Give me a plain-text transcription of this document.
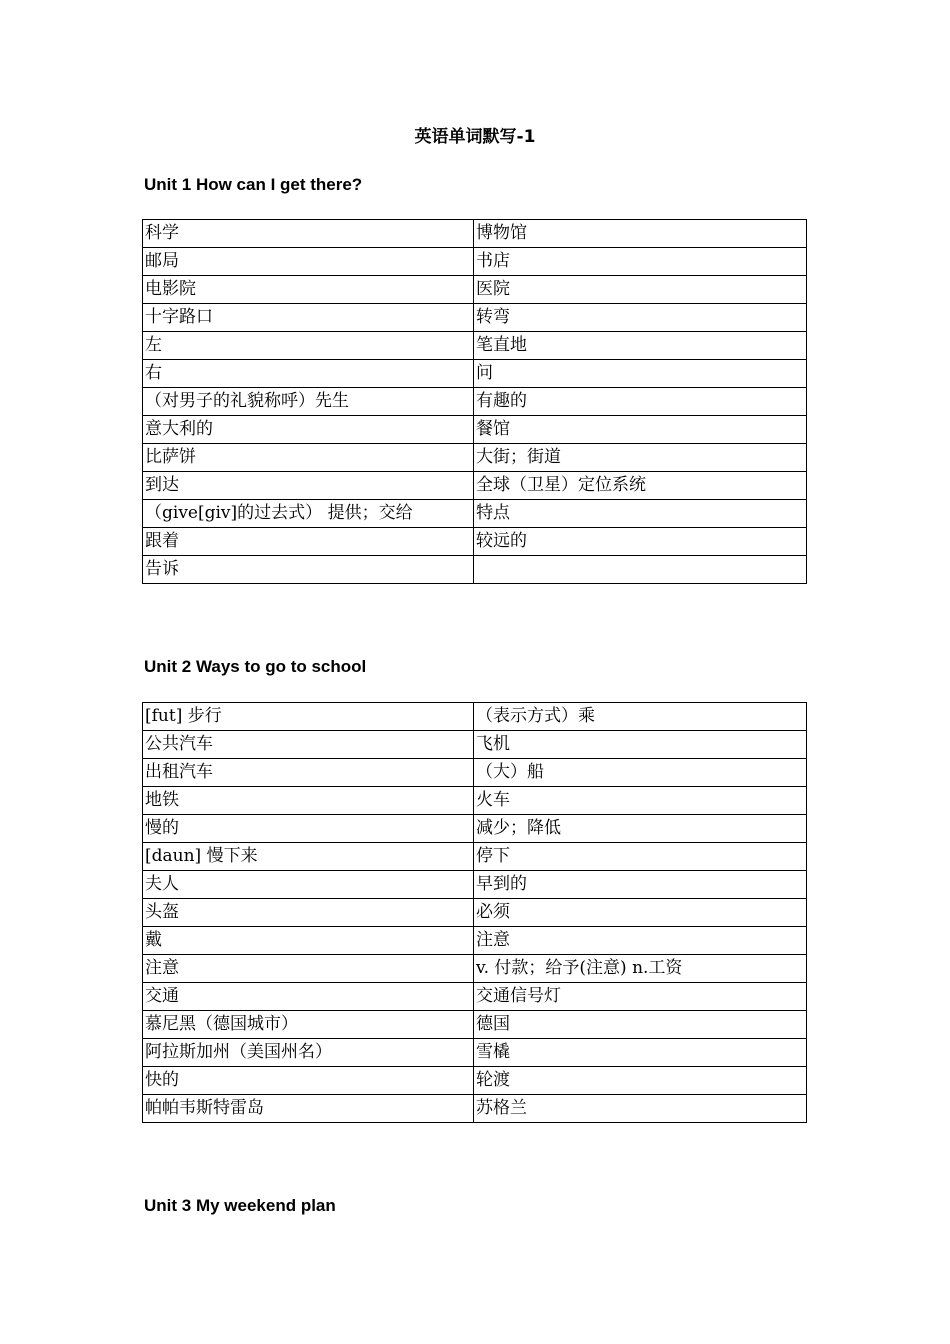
英语单词默写-1
Unit 1 How can I get there?
科学	博物馆
邮局	书店
电影院	医院
十字路口	转弯
左	笔直地
右	问
（对男子的礼貌称呼）先生	有趣的
意大利的	餐馆
比萨饼	大街；街道
到达	全球（卫星）定位系统
（give[giv]的过去式） 提供；交给	特点
跟着	较远的
告诉	
Unit 2 Ways to go to school
[fut] 步行	（表示方式）乘
公共汽车	飞机
出租汽车	（大）船
地铁	火车
慢的	减少；降低
[daun] 慢下来	停下
夫人	早到的
头盔	必须
戴	注意
注意	v. 付款；给予(注意) n.工资
交通	交通信号灯
慕尼黑（德国城市）	德国
阿拉斯加州（美国州名）	雪橇
快的	轮渡
帕帕韦斯特雷岛	苏格兰
Unit 3 My weekend plan
